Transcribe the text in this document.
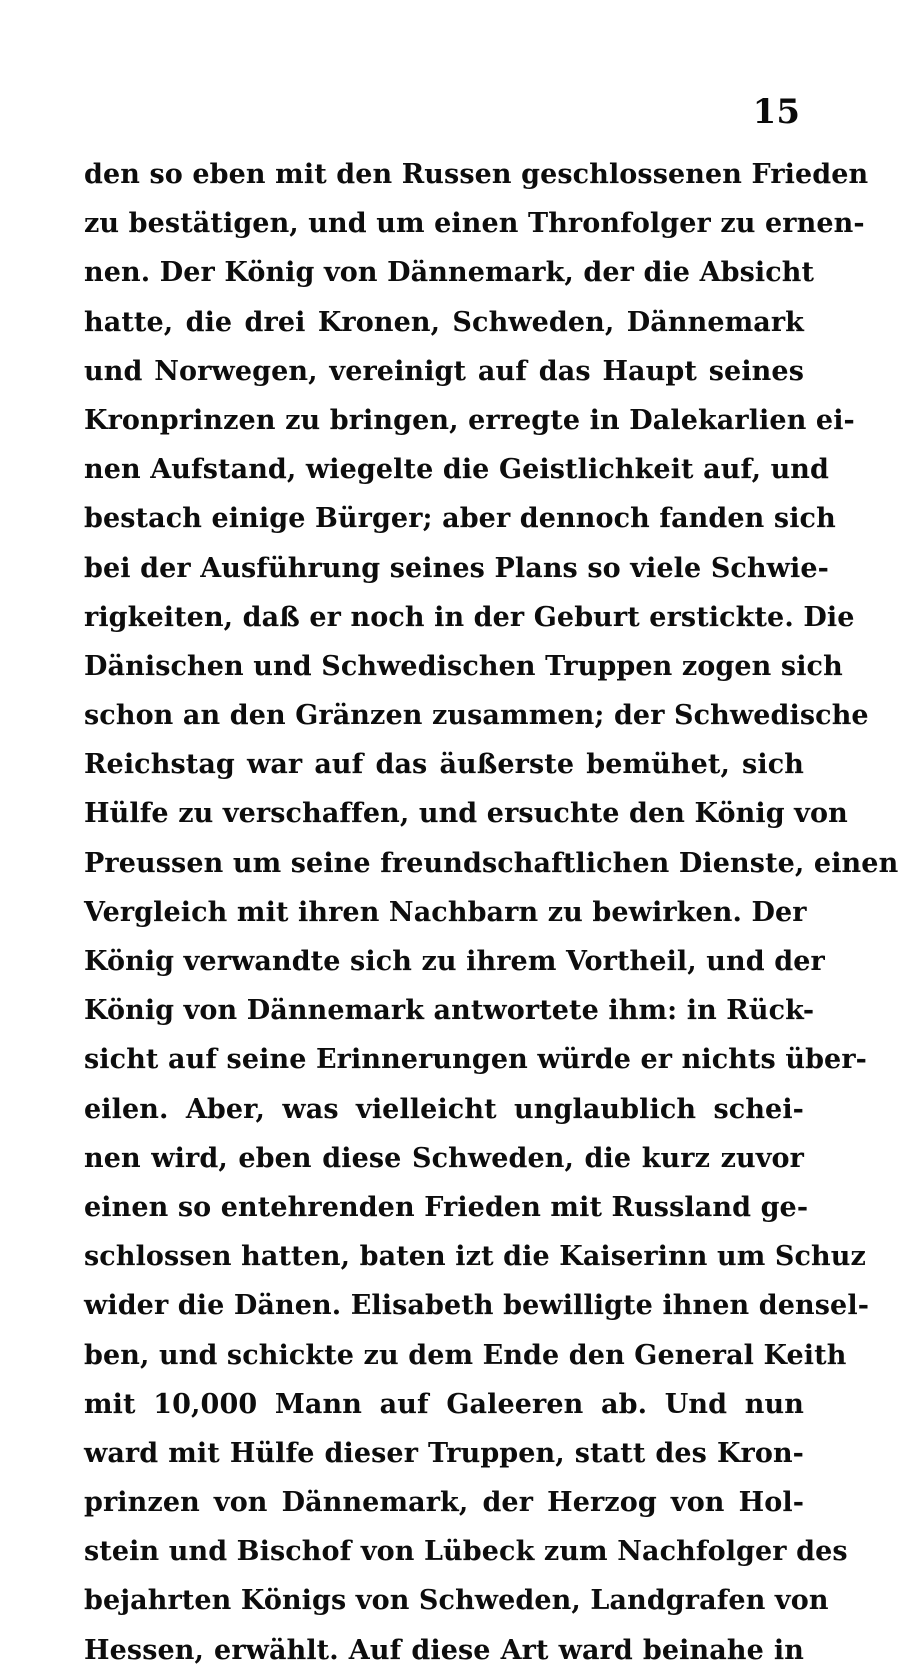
15
den so eben mit den Russen geschlossenen Frieden
zu bestätigen, und um einen Thronfolger zu ernen-
nen. Der König von Dännemark, der die Absicht
hatte, die drei Kronen, Schweden, Dännemark
und Norwegen, vereinigt auf das Haupt seines
Kronprinzen zu bringen, erregte in Dalekarlien ei-
nen Aufstand, wiegelte die Geistlichkeit auf, und
bestach einige Bürger; aber dennoch fanden sich
bei der Ausführung seines Plans so viele Schwie-
rigkeiten, daß er noch in der Geburt erstickte. Die
Dänischen und Schwedischen Truppen zogen sich
schon an den Gränzen zusammen; der Schwedische
Reichstag war auf das äußerste bemühet, sich
Hülfe zu verschaffen, und ersuchte den König von
Preussen um seine freundschaftlichen Dienste, einen
Vergleich mit ihren Nachbarn zu bewirken. Der
König verwandte sich zu ihrem Vortheil, und der
König von Dännemark antwortete ihm: in Rück-
sicht auf seine Erinnerungen würde er nichts über-
eilen. Aber, was vielleicht unglaublich schei-
nen wird, eben diese Schweden, die kurz zuvor
einen so entehrenden Frieden mit Russland ge-
schlossen hatten, baten izt die Kaiserinn um Schuz
wider die Dänen. Elisabeth bewilligte ihnen densel-
ben, und schickte zu dem Ende den General Keith
mit 10,000 Mann auf Galeeren ab. Und nun
ward mit Hülfe dieser Truppen, statt des Kron-
prinzen von Dännemark, der Herzog von Hol-
stein und Bischof von Lübeck zum Nachfolger des
bejahrten Königs von Schweden, Landgrafen von
Hessen, erwählt. Auf diese Art ward beinahe in
